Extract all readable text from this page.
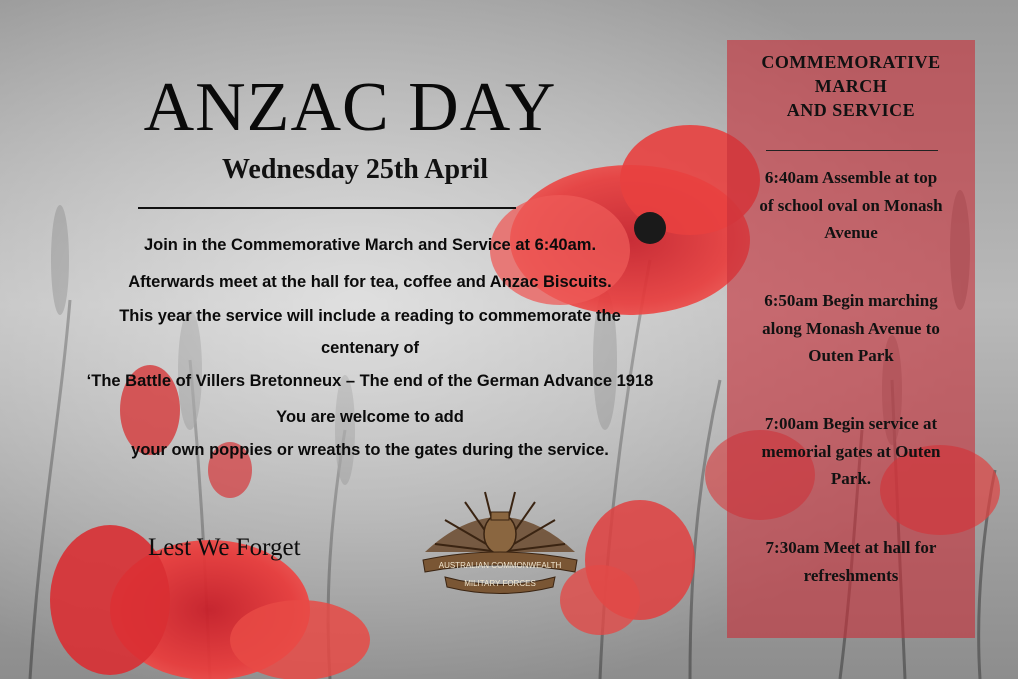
ANZAC DAY
Wednesday 25th April
Join in the Commemorative March and Service at 6:40am.
Afterwards meet at the hall for tea, coffee and Anzac Biscuits.
This year the service will include a reading to commemorate the
centenary of
‘The Battle of Villers Bretonneux – The end of the German Advance 1918
You are welcome to add
your own poppies or wreaths to the gates during the service.
Lest We Forget
AUSTRALIAN COMMONWEALTH
MILITARY FORCES
COMMEMORATIVE
MARCH
AND SERVICE
6:40am Assemble at top
of school oval on Monash
Avenue
6:50am Begin marching
along Monash Avenue to
Outen Park
7:00am Begin service at
memorial gates at Outen
Park.
7:30am Meet at hall for
refreshments
